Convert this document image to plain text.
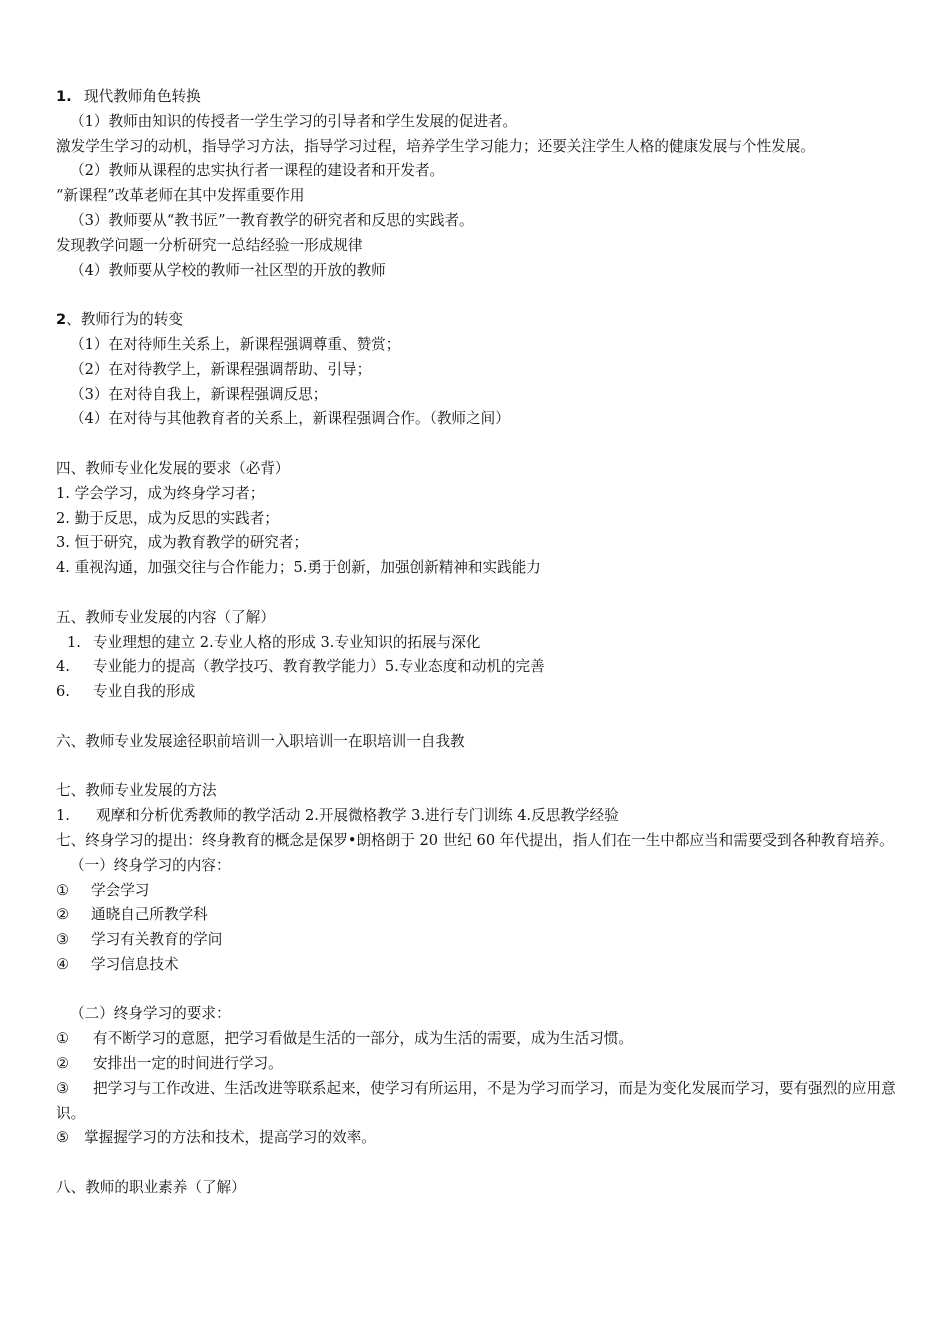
1. 现代教师角色转换
（1）教师由知识的传授者一学生学习的引导者和学生发展的促进者。
激发学生学习的动机，指导学习方法，指导学习过程，培养学生学习能力；还要关注学生人格的健康发展与个性发展。
（2）教师从课程的忠实执行者一课程的建设者和开发者。
“新课程”改革老师在其中发挥重要作用
（3）教师要从“教书匠”一教育教学的研究者和反思的实践者。
发现教学问题一分析研究一总结经验一形成规律
（4）教师要从学校的教师一社区型的开放的教师
2、教师行为的转变
（1）在对待师生关系上，新课程强调尊重、赞赏；
（2）在对待教学上，新课程强调帮助、引导；
（3）在对待自我上，新课程强调反思；
（4）在对待与其他教育者的关系上，新课程强调合作。（教师之间）
四、教师专业化发展的要求（必背）
1. 学会学习，成为终身学习者；
2. 勤于反思，成为反思的实践者；
3. 恒于研究，成为教育教学的研究者；
4. 重视沟通，加强交往与合作能力；5.勇于创新，加强创新精神和实践能力
五、教师专业发展的内容（了解）
1. 专业理想的建立 2.专业人格的形成 3.专业知识的拓展与深化
4. 专业能力的提高（教学技巧、教育教学能力）5.专业态度和动机的完善
6. 专业自我的形成
六、教师专业发展途径职前培训一入职培训一在职培训一自我教
七、教师专业发展的方法
1. 观摩和分析优秀教师的教学活动 2.开展微格教学 3.进行专门训练 4.反思教学经验
七、终身学习的提出：终身教育的概念是保罗•朗格朗于 20 世纪 60 年代提出，指人们在一生中都应当和需要受到各种教育培养。
（一）终身学习的内容：
① 学会学习
② 通晓自己所教学科
③ 学习有关教育的学问
④ 学习信息技术
（二）终身学习的要求：
① 有不断学习的意愿，把学习看做是生活的一部分，成为生活的需要，成为生活习惯。
② 安排出一定的时间进行学习。
③ 把学习与工作改进、生活改进等联系起来，使学习有所运用，不是为学习而学习，而是为变化发展而学习，要有强烈的应用意识。
⑤ 掌握握学习的方法和技术，提高学习的效率。
八、教师的职业素养（了解）
